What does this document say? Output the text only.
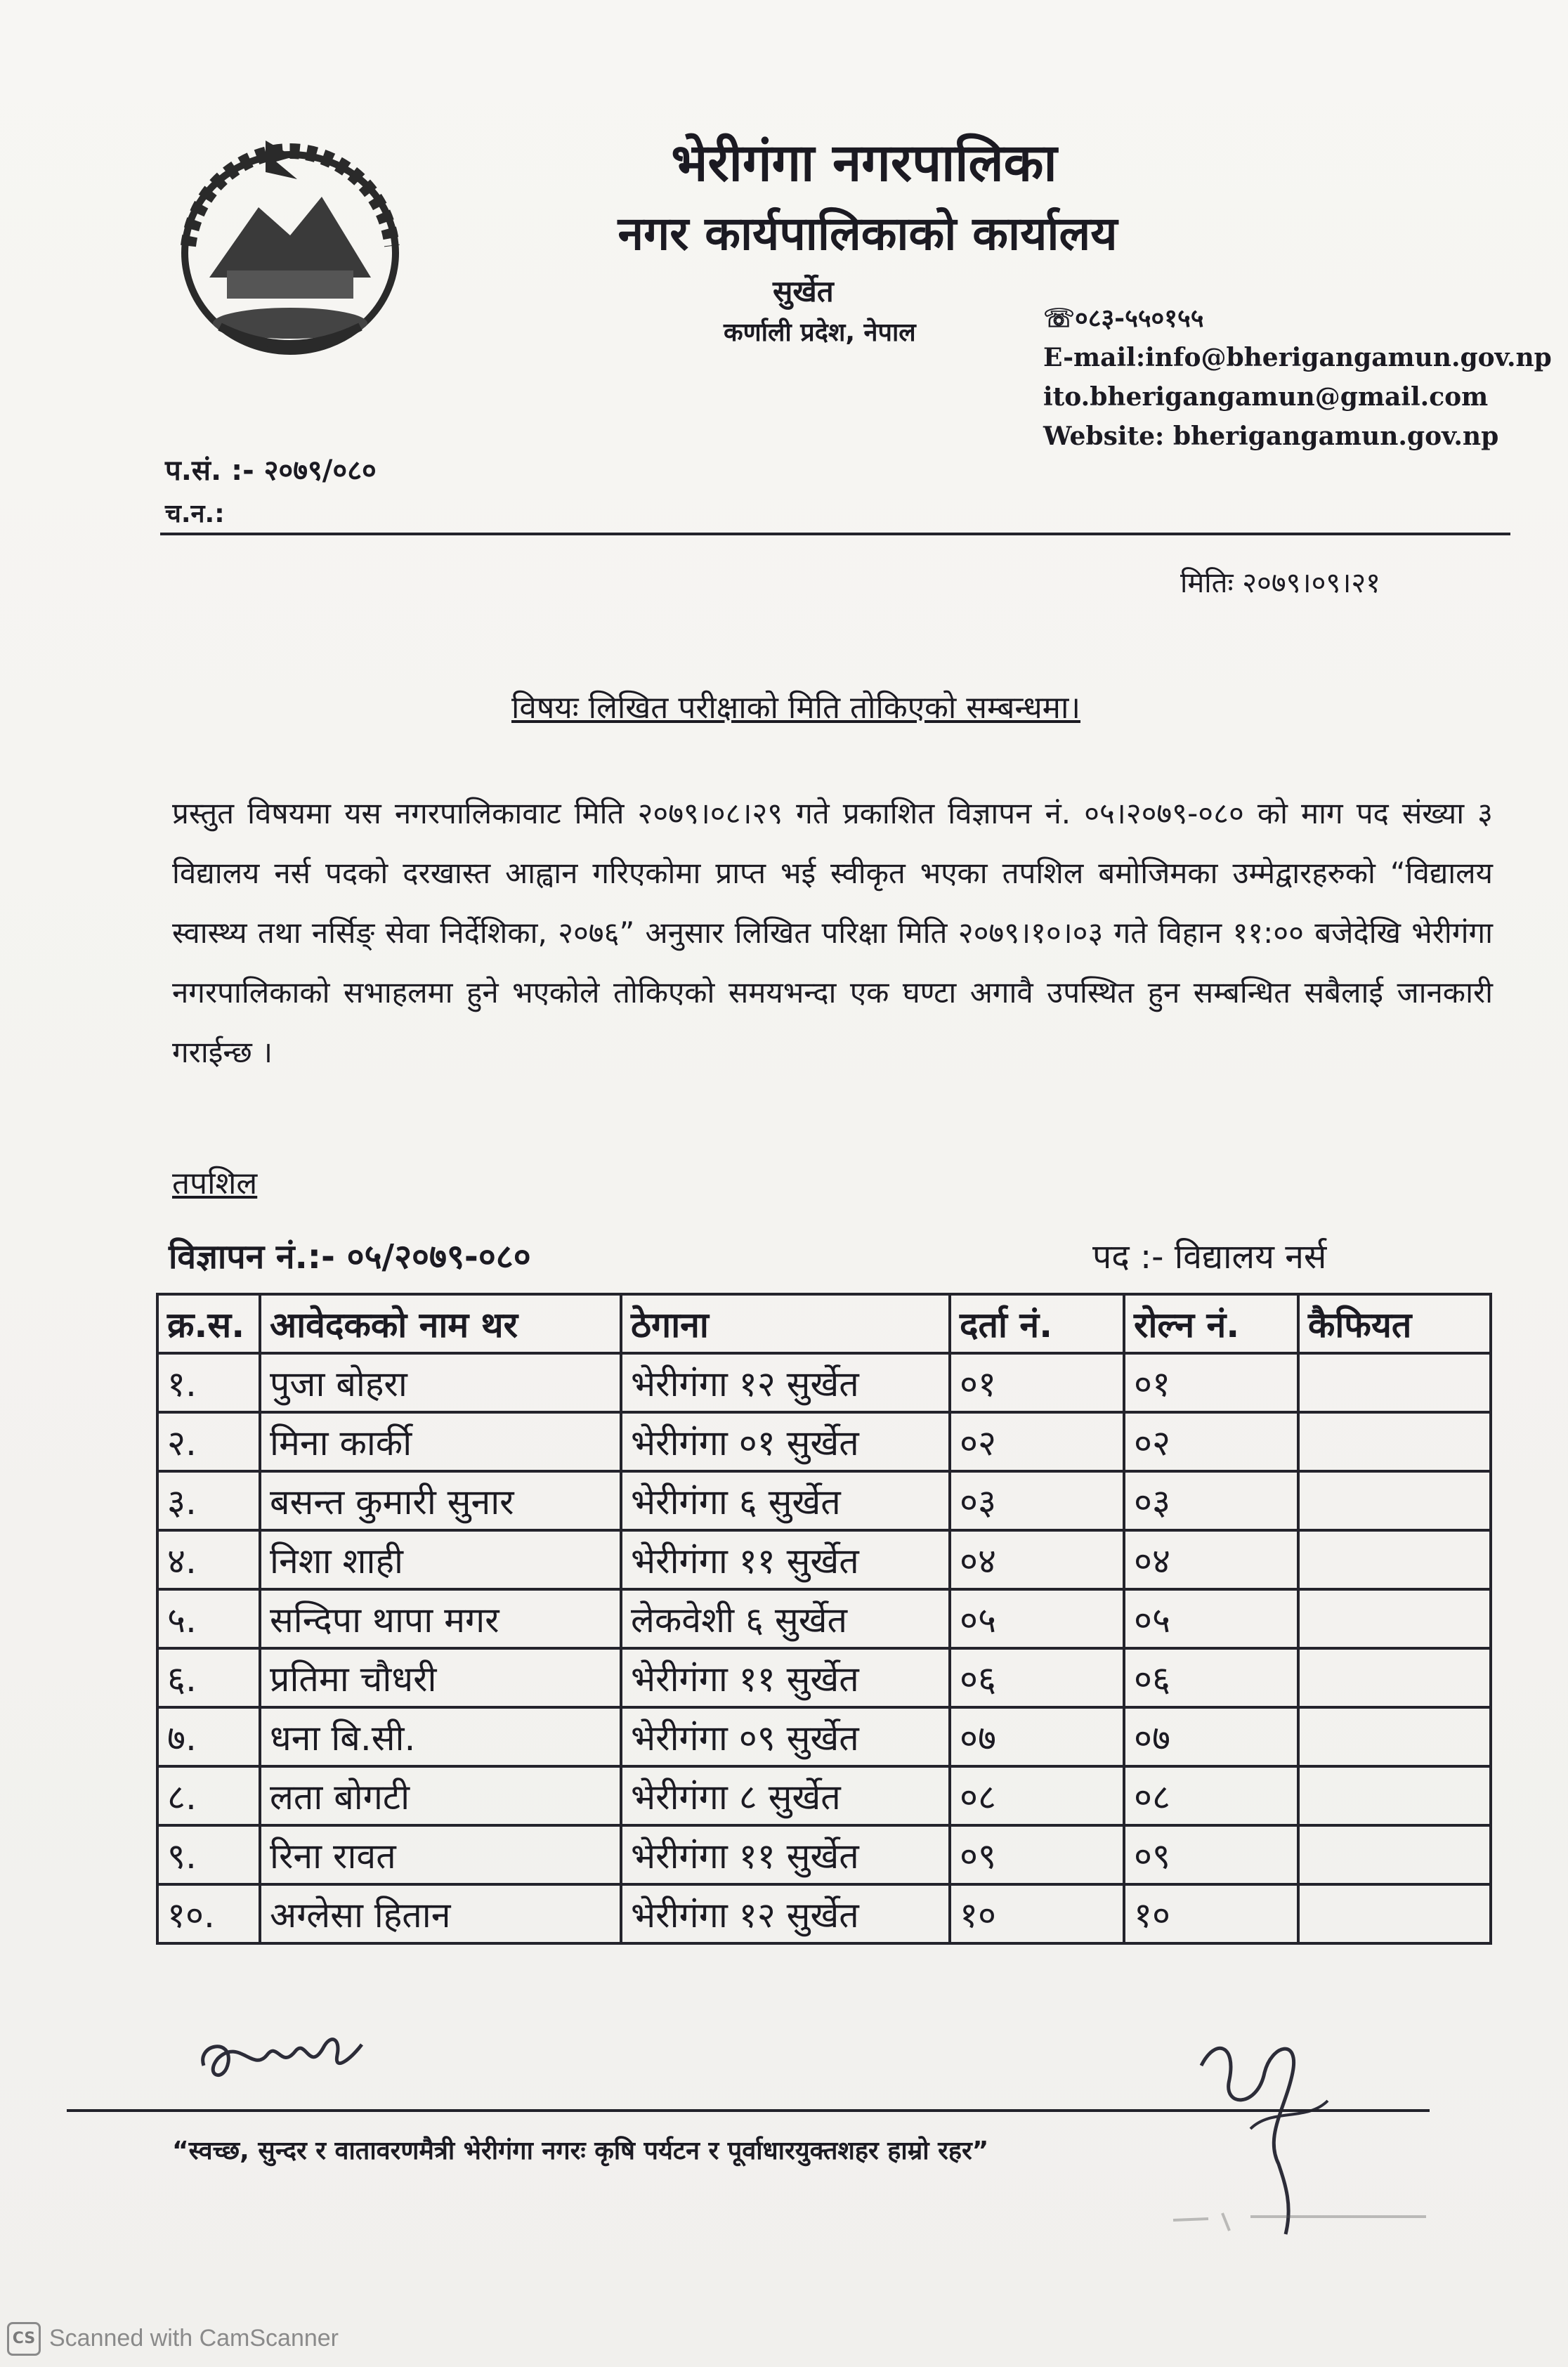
भेरीगंगा नगरपालिका
नगर कार्यपालिकाको कार्यालय
सुर्खेत
कर्णाली प्रदेश, नेपाल	☏०८३-५५०१५५
E-mail:info@bherigangamun.gov.np
ito.bherigangamun@gmail.com
Website: bherigangamun.gov.np
प.सं. :- २०७९/०८०
च.न.:
मितिः २०७९।०९।२१
विषयः लिखित परीक्षाको मिति तोकिएको सम्बन्धमा।
प्रस्तुत विषयमा यस नगरपालिकावाट मिति २०७९।०८।२९ गते प्रकाशित विज्ञापन नं. ०५।२०७९-०८० को माग पद संख्या ३ विद्यालय नर्स पदको दरखास्त आह्वान गरिएकोमा प्राप्त भई स्वीकृत भएका तपशिल बमोजिमका उम्मेद्वारहरुको “विद्यालय स्वास्थ्य तथा नर्सिङ् सेवा निर्देशिका, २०७६” अनुसार लिखित परिक्षा मिति २०७९।१०।०३ गते विहान ११:०० बजेदेखि भेरीगंगा नगरपालिकाको सभाहलमा हुने भएकोले तोकिएको समयभन्दा एक घण्टा अगावै उपस्थित हुन सम्बन्धित सबैलाई जानकारी गराईन्छ ।
तपशिल
विज्ञापन नं.:- ०५/२०७९-०८०	पद :- विद्यालय नर्स
क्र.स.	आवेदकको नाम थर	ठेगाना	दर्ता नं.	रोल्न नं.	कैफियत
१.	पुजा बोहरा	भेरीगंगा १२ सुर्खेत	०१	०१	
२.	मिना कार्की	भेरीगंगा ०१ सुर्खेत	०२	०२	
३.	बसन्त कुमारी सुनार	भेरीगंगा ६ सुर्खेत	०३	०३	
४.	निशा शाही	भेरीगंगा ११ सुर्खेत	०४	०४	
५.	सन्दिपा थापा मगर	लेकवेशी ६ सुर्खेत	०५	०५	
६.	प्रतिमा चौधरी	भेरीगंगा ११ सुर्खेत	०६	०६	
७.	धना बि.सी.	भेरीगंगा ०९ सुर्खेत	०७	०७	
८.	लता बोगटी	भेरीगंगा ८ सुर्खेत	०८	०८	
९.	रिना रावत	भेरीगंगा ११ सुर्खेत	०९	०९	
१०.	अग्लेसा हितान	भेरीगंगा १२ सुर्खेत	१०	१०	
“स्वच्छ, सुन्दर र वातावरणमैत्री भेरीगंगा नगरः कृषि पर्यटन र पूर्वाधारयुक्तशहर हाम्रो रहर”
CS Scanned with CamScanner
